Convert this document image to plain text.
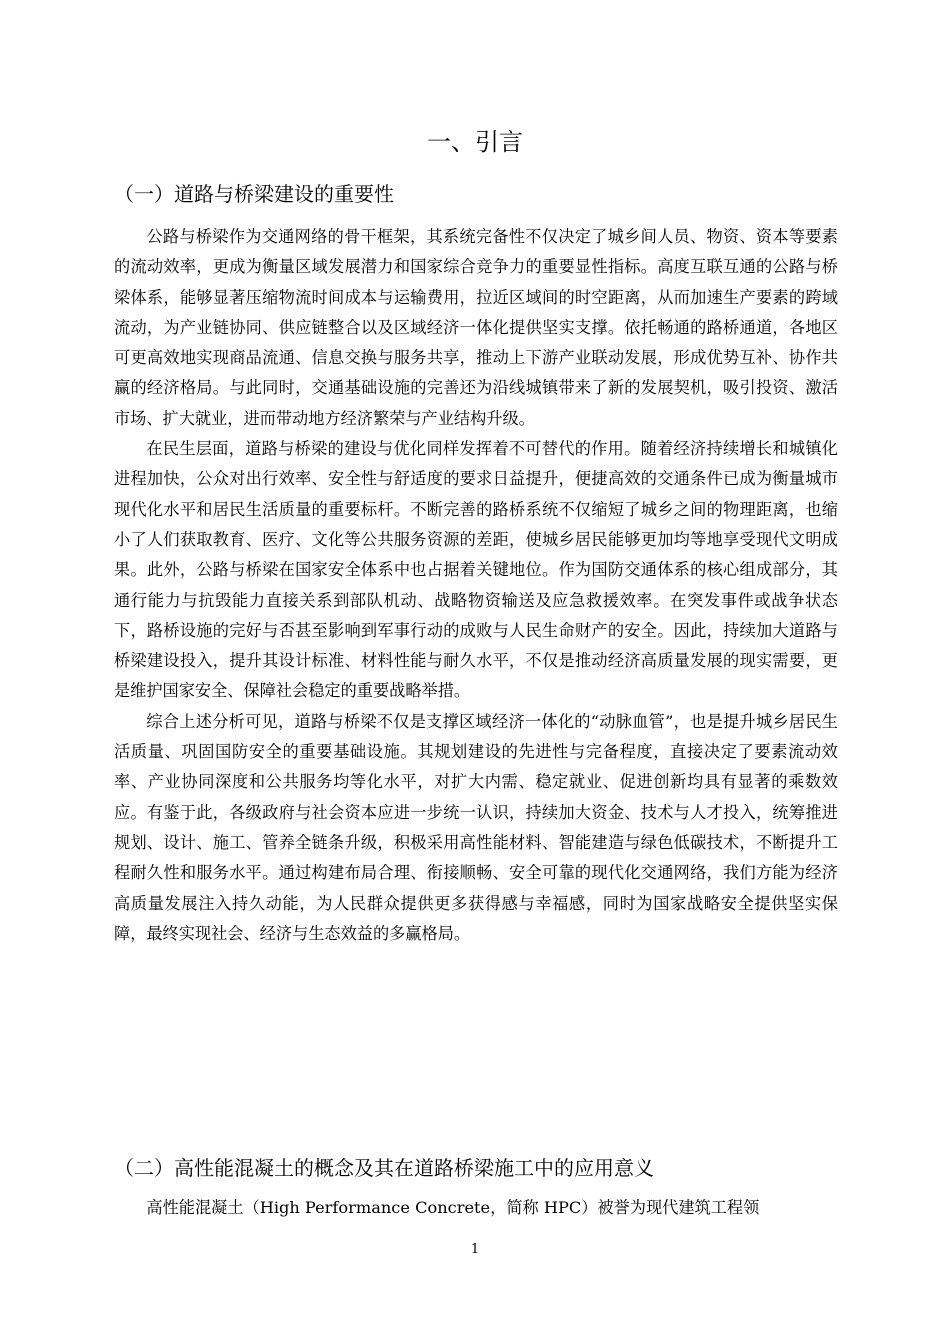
一、引言
（一）道路与桥梁建设的重要性

公路与桥梁作为交通网络的骨干框架，其系统完备性不仅决定了城乡间人员、物资、资本等要素的流动效率，更成为衡量区域发展潜力和国家综合竞争力的重要显性指标。高度互联互通的公路与桥梁体系，能够显著压缩物流时间成本与运输费用，拉近区域间的时空距离，从而加速生产要素的跨域流动，为产业链协同、供应链整合以及区域经济一体化提供坚实支撑。依托畅通的路桥通道，各地区可更高效地实现商品流通、信息交换与服务共享，推动上下游产业联动发展，形成优势互补、协作共赢的经济格局。与此同时，交通基础设施的完善还为沿线城镇带来了新的发展契机，吸引投资、激活市场、扩大就业，进而带动地方经济繁荣与产业结构升级。

在民生层面，道路与桥梁的建设与优化同样发挥着不可替代的作用。随着经济持续增长和城镇化进程加快，公众对出行效率、安全性与舒适度的要求日益提升，便捷高效的交通条件已成为衡量城市现代化水平和居民生活质量的重要标杆。不断完善的路桥系统不仅缩短了城乡之间的物理距离，也缩小了人们获取教育、医疗、文化等公共服务资源的差距，使城乡居民能够更加均等地享受现代文明成果。此外，公路与桥梁在国家安全体系中也占据着关键地位。作为国防交通体系的核心组成部分，其通行能力与抗毁能力直接关系到部队机动、战略物资输送及应急救援效率。在突发事件或战争状态下，路桥设施的完好与否甚至影响到军事行动的成败与人民生命财产的安全。因此，持续加大道路与桥梁建设投入，提升其设计标准、材料性能与耐久水平，不仅是推动经济高质量发展的现实需要，更是维护国家安全、保障社会稳定的重要战略举措。

综合上述分析可见，道路与桥梁不仅是支撑区域经济一体化的“动脉血管”，也是提升城乡居民生活质量、巩固国防安全的重要基础设施。其规划建设的先进性与完备程度，直接决定了要素流动效率、产业协同深度和公共服务均等化水平，对扩大内需、稳定就业、促进创新均具有显著的乘数效应。有鉴于此，各级政府与社会资本应进一步统一认识，持续加大资金、技术与人才投入，统筹推进规划、设计、施工、管养全链条升级，积极采用高性能材料、智能建造与绿色低碳技术，不断提升工程耐久性和服务水平。通过构建布局合理、衔接顺畅、安全可靠的现代化交通网络，我们方能为经济高质量发展注入持久动能，为人民群众提供更多获得感与幸福感，同时为国家战略安全提供坚实保障，最终实现社会、经济与生态效益的多赢格局。

（二）高性能混凝土的概念及其在道路桥梁施工中的应用意义

高性能混凝土（High Performance Concrete，简称 HPC）被誉为现代建筑工程领

1
